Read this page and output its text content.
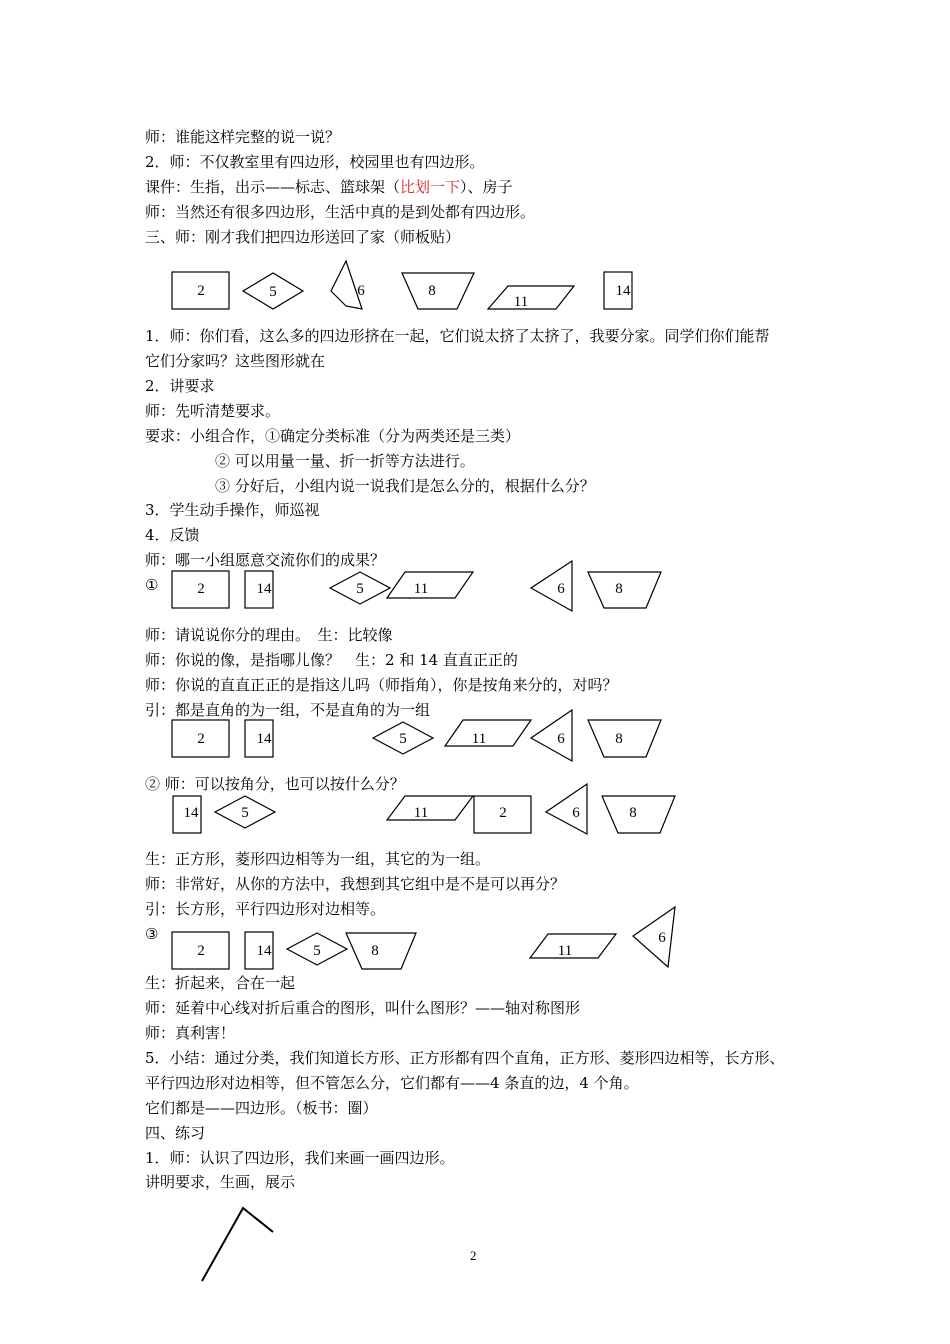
师：谁能这样完整的说一说？
2．师：不仅教室里有四边形，校园里也有四边形。
课件：生指，出示——标志、篮球架（比划一下）、房子
师：当然还有很多四边形，生活中真的是到处都有四边形。
三、师：刚才我们把四边形送回了家（师板贴）
2	5	6	8
11
14
1．师：你们看，这么多的四边形挤在一起，它们说太挤了太挤了，我要分家。同学们你们能帮
它们分家吗？这些图形就在
2．讲要求
师：先听清楚要求。
要求：小组合作，①确定分类标准（分为两类还是三类）
② 可以用量一量、折一折等方法进行。
③ 分好后，小组内说一说我们是怎么分的，根据什么分？
3．学生动手操作，师巡视
4．反馈
师：哪一小组愿意交流你们的成果？
①	2	14	5	11	6	8
师：请说说你分的理由。　生：比较像
师：你说的像，是指哪儿像？　生：2 和 14 直直正正的
师：你说的直直正正的是指这儿吗（师指角），你是按角来分的，对吗？
引：都是直角的为一组，不是直角的为一组
2	14	5	11	6	8
② 师：可以按角分，也可以按什么分？
14	5	11	2	6	8
生：正方形，菱形四边相等为一组，其它的为一组。
师：非常好，从你的方法中，我想到其它组中是不是可以再分？
引：长方形，平行四边形对边相等。
③
2	14	5	8	11
6
生：折起来，合在一起
师：延着中心线对折后重合的图形，叫什么图形？——轴对称图形
师：真利害！
5．小结：通过分类，我们知道长方形、正方形都有四个直角，正方形、菱形四边相等，长方形、
平行四边形对边相等，但不管怎么分，它们都有——4 条直的边，4 个角。
它们都是——四边形。（板书：圈）
四、练习
1．师：认识了四边形，我们来画一画四边形。
讲明要求，生画，展示
2
